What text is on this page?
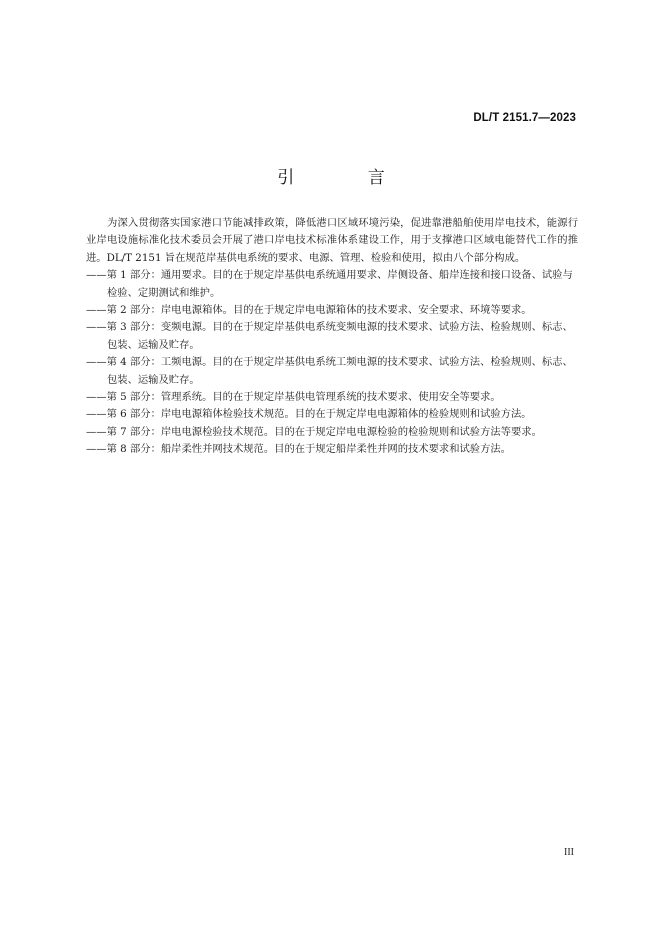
DL/T 2151.7—2023
引 言

为深入贯彻落实国家港口节能减排政策，降低港口区域环境污染，促进靠港船舶使用岸电技术，能源行业岸电设施标准化技术委员会开展了港口岸电技术标准体系建设工作，用于支撑港口区域电能替代工作的推进。DL/T 2151 旨在规范岸基供电系统的要求、电源、管理、检验和使用，拟由八个部分构成。

——第 1 部分：通用要求。目的在于规定岸基供电系统通用要求、岸侧设备、船岸连接和接口设备、试验与检验、定期测试和维护。

——第 2 部分：岸电电源箱体。目的在于规定岸电电源箱体的技术要求、安全要求、环境等要求。

——第 3 部分：变频电源。目的在于规定岸基供电系统变频电源的技术要求、试验方法、检验规则、标志、包装、运输及贮存。

——第 4 部分：工频电源。目的在于规定岸基供电系统工频电源的技术要求、试验方法、检验规则、标志、包装、运输及贮存。

——第 5 部分：管理系统。目的在于规定岸基供电管理系统的技术要求、使用安全等要求。

——第 6 部分：岸电电源箱体检验技术规范。目的在于规定岸电电源箱体的检验规则和试验方法。

——第 7 部分：岸电电源检验技术规范。目的在于规定岸电电源检验的检验规则和试验方法等要求。

——第 8 部分：船岸柔性并网技术规范。目的在于规定船岸柔性并网的技术要求和试验方法。

III
